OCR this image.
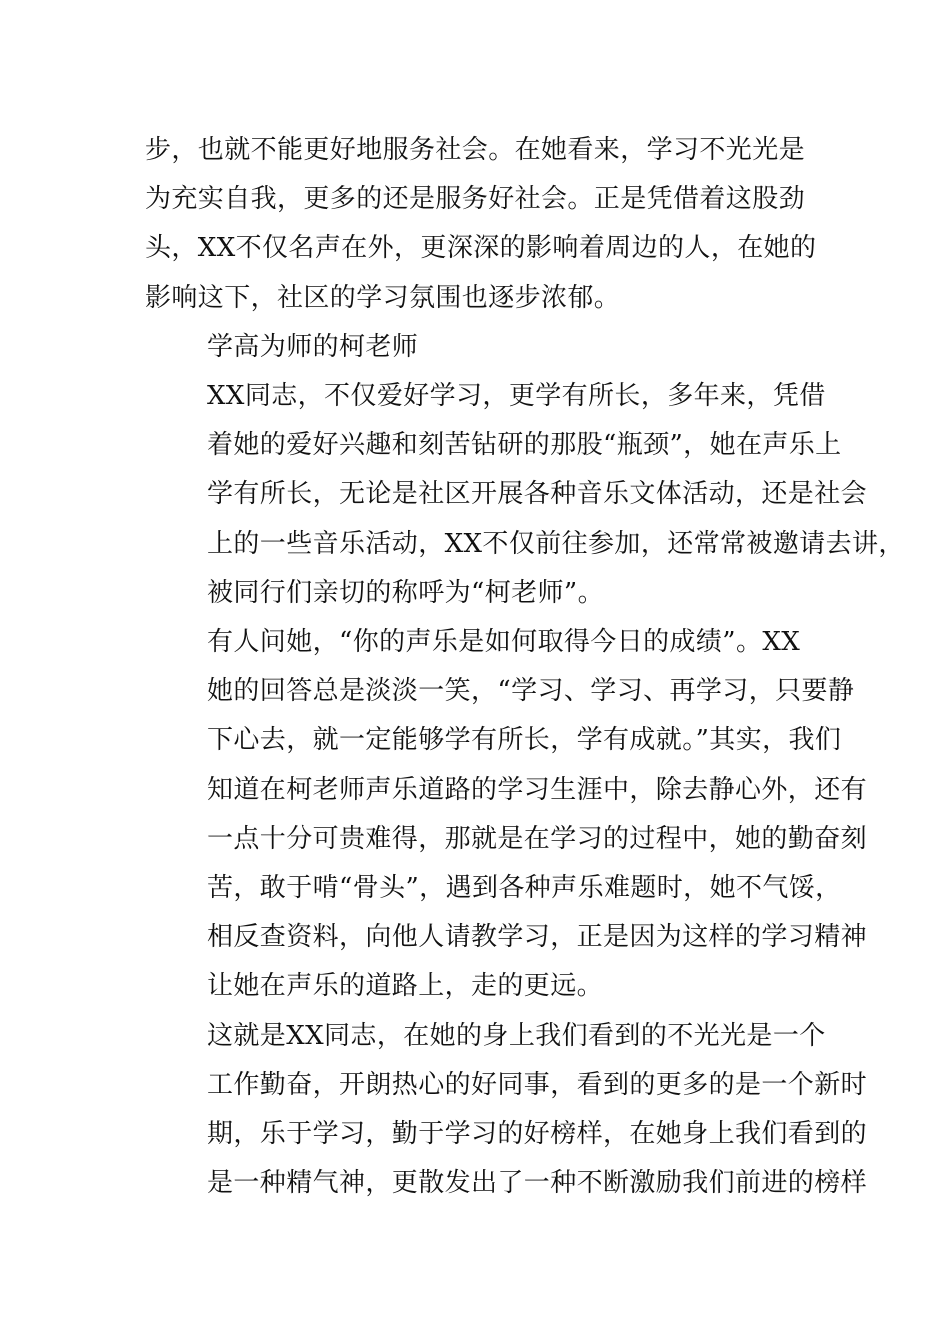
步，也就不能更好地服务社会。在她看来，学习不光光是
为充实自我，更多的还是服务好社会。正是凭借着这股劲
头，XX不仅名声在外，更深深的影响着周边的人，在她的
影响这下，社区的学习氛围也逐步浓郁。

学高为师的柯老师

XX同志，不仅爱好学习，更学有所长，多年来，凭借
着她的爱好兴趣和刻苦钻研的那股“瓶颈”，她在声乐上
学有所长，无论是社区开展各种音乐文体活动，还是社会
上的一些音乐活动，XX不仅前往参加，还常常被邀请去讲，
被同行们亲切的称呼为“柯老师”。

有人问她，“你的声乐是如何取得今日的成绩”。XX
她的回答总是淡淡一笑，“学习、学习、再学习，只要静
下心去，就一定能够学有所长，学有成就。”其实，我们
知道在柯老师声乐道路的学习生涯中，除去静心外，还有
一点十分可贵难得，那就是在学习的过程中，她的勤奋刻
苦，敢于啃“骨头”，遇到各种声乐难题时，她不气馁，
相反查资料，向他人请教学习，正是因为这样的学习精神
让她在声乐的道路上，走的更远。

这就是XX同志，在她的身上我们看到的不光光是一个
工作勤奋，开朗热心的好同事，看到的更多的是一个新时
期，乐于学习，勤于学习的好榜样，在她身上我们看到的
是一种精气神，更散发出了一种不断激励我们前进的榜样
